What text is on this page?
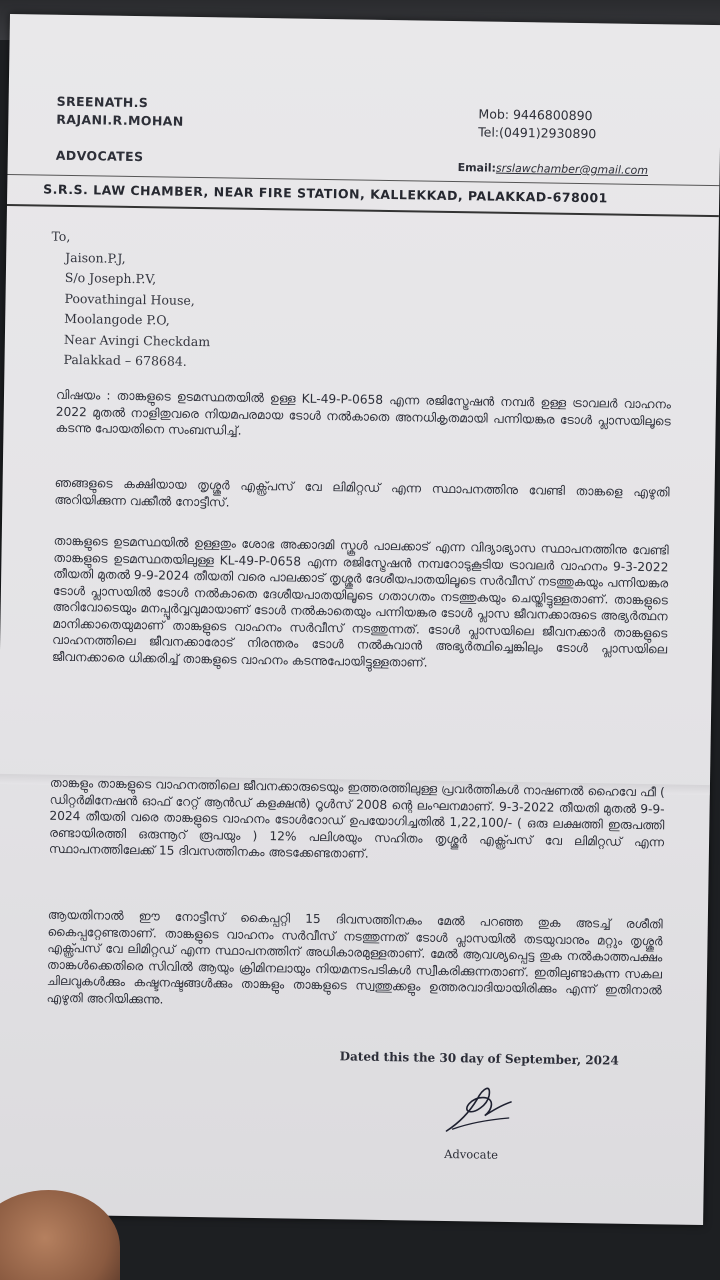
SREENATH.S
RAJANI.R.MOHAN
ADVOCATES
Mob: 9446800890
Tel:(0491)2930890
Email:srslawchamber@gmail.com
S.R.S. LAW CHAMBER, NEAR FIRE STATION, KALLEKKAD, PALAKKAD-678001
To,
Jaison.P.J,
S/o Joseph.P.V,
Poovathingal House,
Moolangode P.O,
Near Avingi Checkdam
Palakkad – 678684.

വിഷയം : താങ്കളുടെ ഉടമസ്ഥതയിൽ ഉള്ള KL-49-P-0658 എന്ന രജിസ്ട്രേഷൻ നമ്പർ ഉള്ള ട്രാവലർ വാഹനം 2022 മുതൽ നാളിതുവരെ നിയമപരമായ ടോൾ നൽകാതെ അനധികൃതമായി പന്നിയങ്കര ടോൾ പ്ലാസയിലൂടെ കടന്നു പോയതിനെ സംബന്ധിച്ച്.

ഞങ്ങളുടെ കക്ഷിയായ തൃശ്ശൂർ എക്സ്പ്രസ് വേ ലിമിറ്റഡ് എന്ന സ്ഥാപനത്തിനു വേണ്ടി താങ്കളെ എഴുതി അറിയിക്കുന്ന വക്കീൽ നോട്ടീസ്.

താങ്കളുടെ ഉടമസ്ഥയിൽ ഉള്ളതും ശോഭ അക്കാദമി സ്കൂൾ പാലക്കാട് എന്ന വിദ്യാഭ്യാസ സ്ഥാപനത്തിനു വേണ്ടി താങ്കളുടെ ഉടമസ്ഥതയിലുള്ള KL-49-P-0658 എന്ന രജിസ്ട്രേഷൻ നമ്പറോടുകൂടിയ ട്രാവലർ വാഹനം 9-3-2022 തീയതി മുതൽ 9-9-2024 തീയതി വരെ പാലക്കാട് തൃശ്ശൂർ ദേശീയപാതയിലൂടെ സർവീസ് നടത്തുകയും പന്നിയങ്കര ടോൾ പ്ലാസയിൽ ടോൾ നൽകാതെ ദേശീയപാതയിലൂടെ ഗതാഗതം നടത്തുകയും ചെയ്തിട്ടുള്ളതാണ്. താങ്കളുടെ അറിവോടെയും മനപ്പൂർവ്വവുമായാണ് ടോൾ നൽകാതെയും പന്നിയങ്കര ടോൾ പ്ലാസ ജീവനക്കാരുടെ അഭ്യർത്ഥന മാനിക്കാതെയുമാണ് താങ്കളുടെ വാഹനം സർവീസ് നടത്തുന്നത്. ടോൾ പ്ലാസയിലെ ജീവനക്കാർ താങ്കളുടെ വാഹനത്തിലെ ജീവനക്കാരോട് നിരന്തരം ടോൾ നൽകുവാൻ അഭ്യർത്ഥിച്ചെങ്കിലും ടോൾ പ്ലാസയിലെ ജീവനക്കാരെ ധിക്കരിച്ച് താങ്കളുടെ വാഹനം കടന്നുപോയിട്ടുള്ളതാണ്.

താങ്കളും താങ്കളുടെ വാഹനത്തിലെ ജീവനക്കാരുടെയും ഇത്തരത്തിലുള്ള പ്രവർത്തികൾ നാഷണൽ ഹൈവേ ഫീ ( ഡിറ്റർമിനേഷൻ ഓഫ് റേറ്റ് ആൻഡ് കളക്ഷൻ) റൂൾസ് 2008 ന്റെ ലംഘനമാണ്. 9-3-2022 തീയതി മുതൽ 9-9-2024 തീയതി വരെ താങ്കളുടെ വാഹനം ടോൾറോഡ് ഉപയോഗിച്ചതിൽ 1,22,100/- ( ഒരു ലക്ഷത്തി ഇരുപത്തി രണ്ടായിരത്തി ഒരുന്നൂറ് രൂപയും ) 12% പലിശയും സഹിതം തൃശ്ശൂർ എക്സ്പ്രസ് വേ ലിമിറ്റഡ് എന്ന സ്ഥാപനത്തിലേക്ക് 15 ദിവസത്തിനകം അടക്കേണ്ടതാണ്.

ആയതിനാൽ ഈ നോട്ടീസ് കൈപ്പറ്റി 15 ദിവസത്തിനകം മേൽ പറഞ്ഞ തുക അടച്ച് രശീതി കൈപ്പറ്റേണ്ടതാണ്. താങ്കളുടെ വാഹനം സർവീസ് നടത്തുന്നത് ടോൾ പ്ലാസയിൽ തടയുവാനും മറ്റും തൃശ്ശൂർ എക്സ്പ്രസ് വേ ലിമിറ്റഡ് എന്ന സ്ഥാപനത്തിന് അധികാരമുള്ളതാണ്. മേൽ ആവശ്യപ്പെട്ട തുക നൽകാത്തപക്ഷം താങ്കൾക്കെതിരെ സിവിൽ ആയും ക്രിമിനലായും നിയമനടപടികൾ സ്വീകരിക്കുന്നതാണ്. ഇതിലുണ്ടാകുന്ന സകല ചിലവുകൾക്കും കഷ്ടനഷ്ടങ്ങൾക്കും താങ്കളും താങ്കളുടെ സ്വത്തുക്കളും ഉത്തരവാദിയായിരിക്കും എന്ന് ഇതിനാൽ എഴുതി അറിയിക്കുന്നു.

Dated this the 30 day of September, 2024
Advocate
